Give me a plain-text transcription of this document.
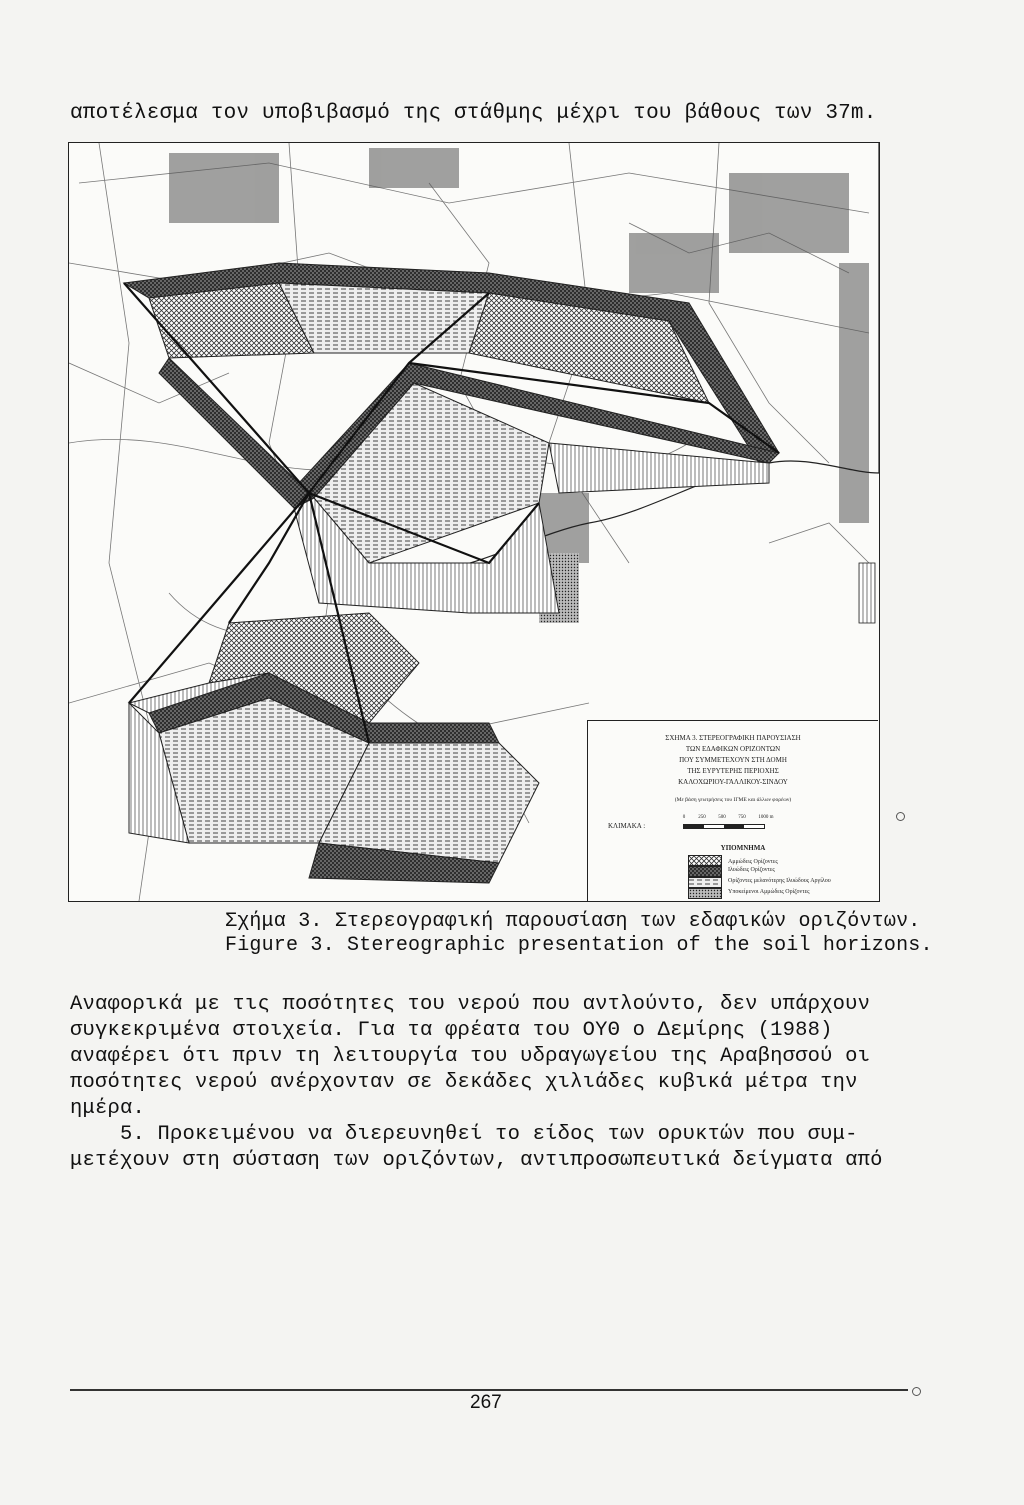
αποτέλεσμα τον υποβιβασμό της στάθμης μέχρι του βάθους των 37m.
ΣΧΗΜΑ 3. ΣΤΕΡΕΟΓΡΑΦΙΚΗ ΠΑΡΟΥΣΙΑΣΗ
ΤΩΝ ΕΔΑΦΙΚΩΝ ΟΡΙΖΟΝΤΩΝ
ΠΟΥ ΣΥΜΜΕΤΕΧΟΥΝ ΣΤΗ ΔΟΜΗ
ΤΗΣ ΕΥΡΥΤΕΡΗΣ ΠΕΡΙΟΧΗΣ
ΚΑΛΟΧΩΡΙΟΥ-ΓΑΛΛΙΚΟΥ-ΣΙΝΔΟΥ
(Με βάση γεωτρήσεις του ΙΓΜΕ και άλλων φορέων)
ΚΛΙΜΑΚΑ :
0	250	500	750	1000 m
ΥΠΟΜΝΗΜΑ
Αμμώδεις Ορίζοντες
Ιλυώδεις Ορίζοντες
Ορίζοντες μελανότερης Ιλυώδους Αργίλου
Υποκείμενοι Αμμώδεις Ορίζοντες
Σχήμα 3. Στερεογραφική παρουσίαση των εδαφικών οριζόντων.
Figure 3. Stereographic presentation of the soil horizons.
Αναφορικά με τις ποσότητες του νερού που αντλούντο, δεν υπάρχουν
συγκεκριμένα στοιχεία. Για τα φρέατα του ΟΥΘ ο Δεμίρης (1988)
αναφέρει ότι πριν τη λειτουργία του υδραγωγείου της Αραβησσού οι
ποσότητες νερού ανέρχονταν σε δεκάδες χιλιάδες κυβικά μέτρα την
ημέρα.
5. Προκειμένου να διερευνηθεί το είδος των ορυκτών που συμ-
μετέχουν στη σύσταση των οριζόντων, αντιπροσωπευτικά δείγματα από
267
